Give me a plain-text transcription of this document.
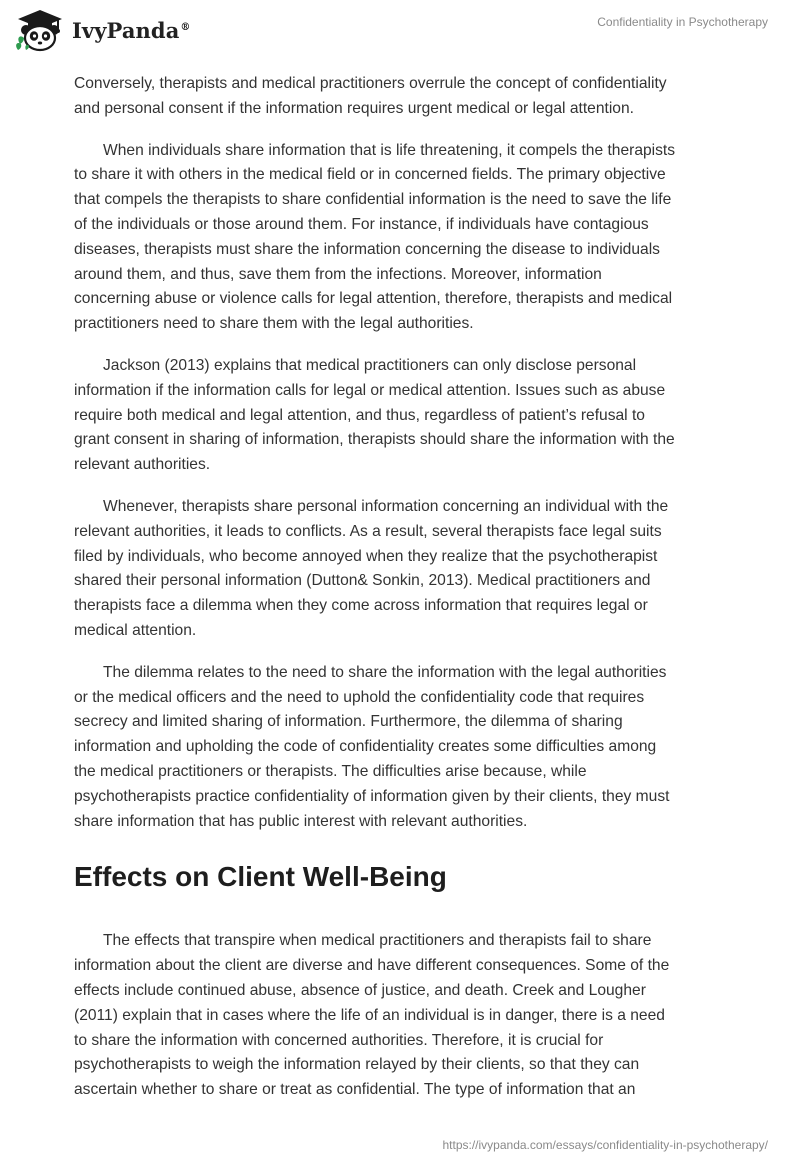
IvyPanda®	Confidentiality in Psychotherapy

Conversely, therapists and medical practitioners overrule the concept of confidentiality
and personal consent if the information requires urgent medical or legal attention.

When individuals share information that is life threatening, it compels the therapists
to share it with others in the medical field or in concerned fields. The primary objective
that compels the therapists to share confidential information is the need to save the life
of the individuals or those around them. For instance, if individuals have contagious
diseases, therapists must share the information concerning the disease to individuals
around them, and thus, save them from the infections. Moreover, information
concerning abuse or violence calls for legal attention, therefore, therapists and medical
practitioners need to share them with the legal authorities.

Jackson (2013) explains that medical practitioners can only disclose personal
information if the information calls for legal or medical attention. Issues such as abuse
require both medical and legal attention, and thus, regardless of patient’s refusal to
grant consent in sharing of information, therapists should share the information with the
relevant authorities.

Whenever, therapists share personal information concerning an individual with the
relevant authorities, it leads to conflicts. As a result, several therapists face legal suits
filed by individuals, who become annoyed when they realize that the psychotherapist
shared their personal information (Dutton& Sonkin, 2013). Medical practitioners and
therapists face a dilemma when they come across information that requires legal or
medical attention.

The dilemma relates to the need to share the information with the legal authorities
or the medical officers and the need to uphold the confidentiality code that requires
secrecy and limited sharing of information. Furthermore, the dilemma of sharing
information and upholding the code of confidentiality creates some difficulties among
the medical practitioners or therapists. The difficulties arise because, while
psychotherapists practice confidentiality of information given by their clients, they must
share information that has public interest with relevant authorities.

Effects on Client Well-Being

The effects that transpire when medical practitioners and therapists fail to share
information about the client are diverse and have different consequences. Some of the
effects include continued abuse, absence of justice, and death. Creek and Lougher
(2011) explain that in cases where the life of an individual is in danger, there is a need
to share the information with concerned authorities. Therefore, it is crucial for
psychotherapists to weigh the information relayed by their clients, so that they can
ascertain whether to share or treat as confidential. The type of information that an

https://ivypanda.com/essays/confidentiality-in-psychotherapy/
